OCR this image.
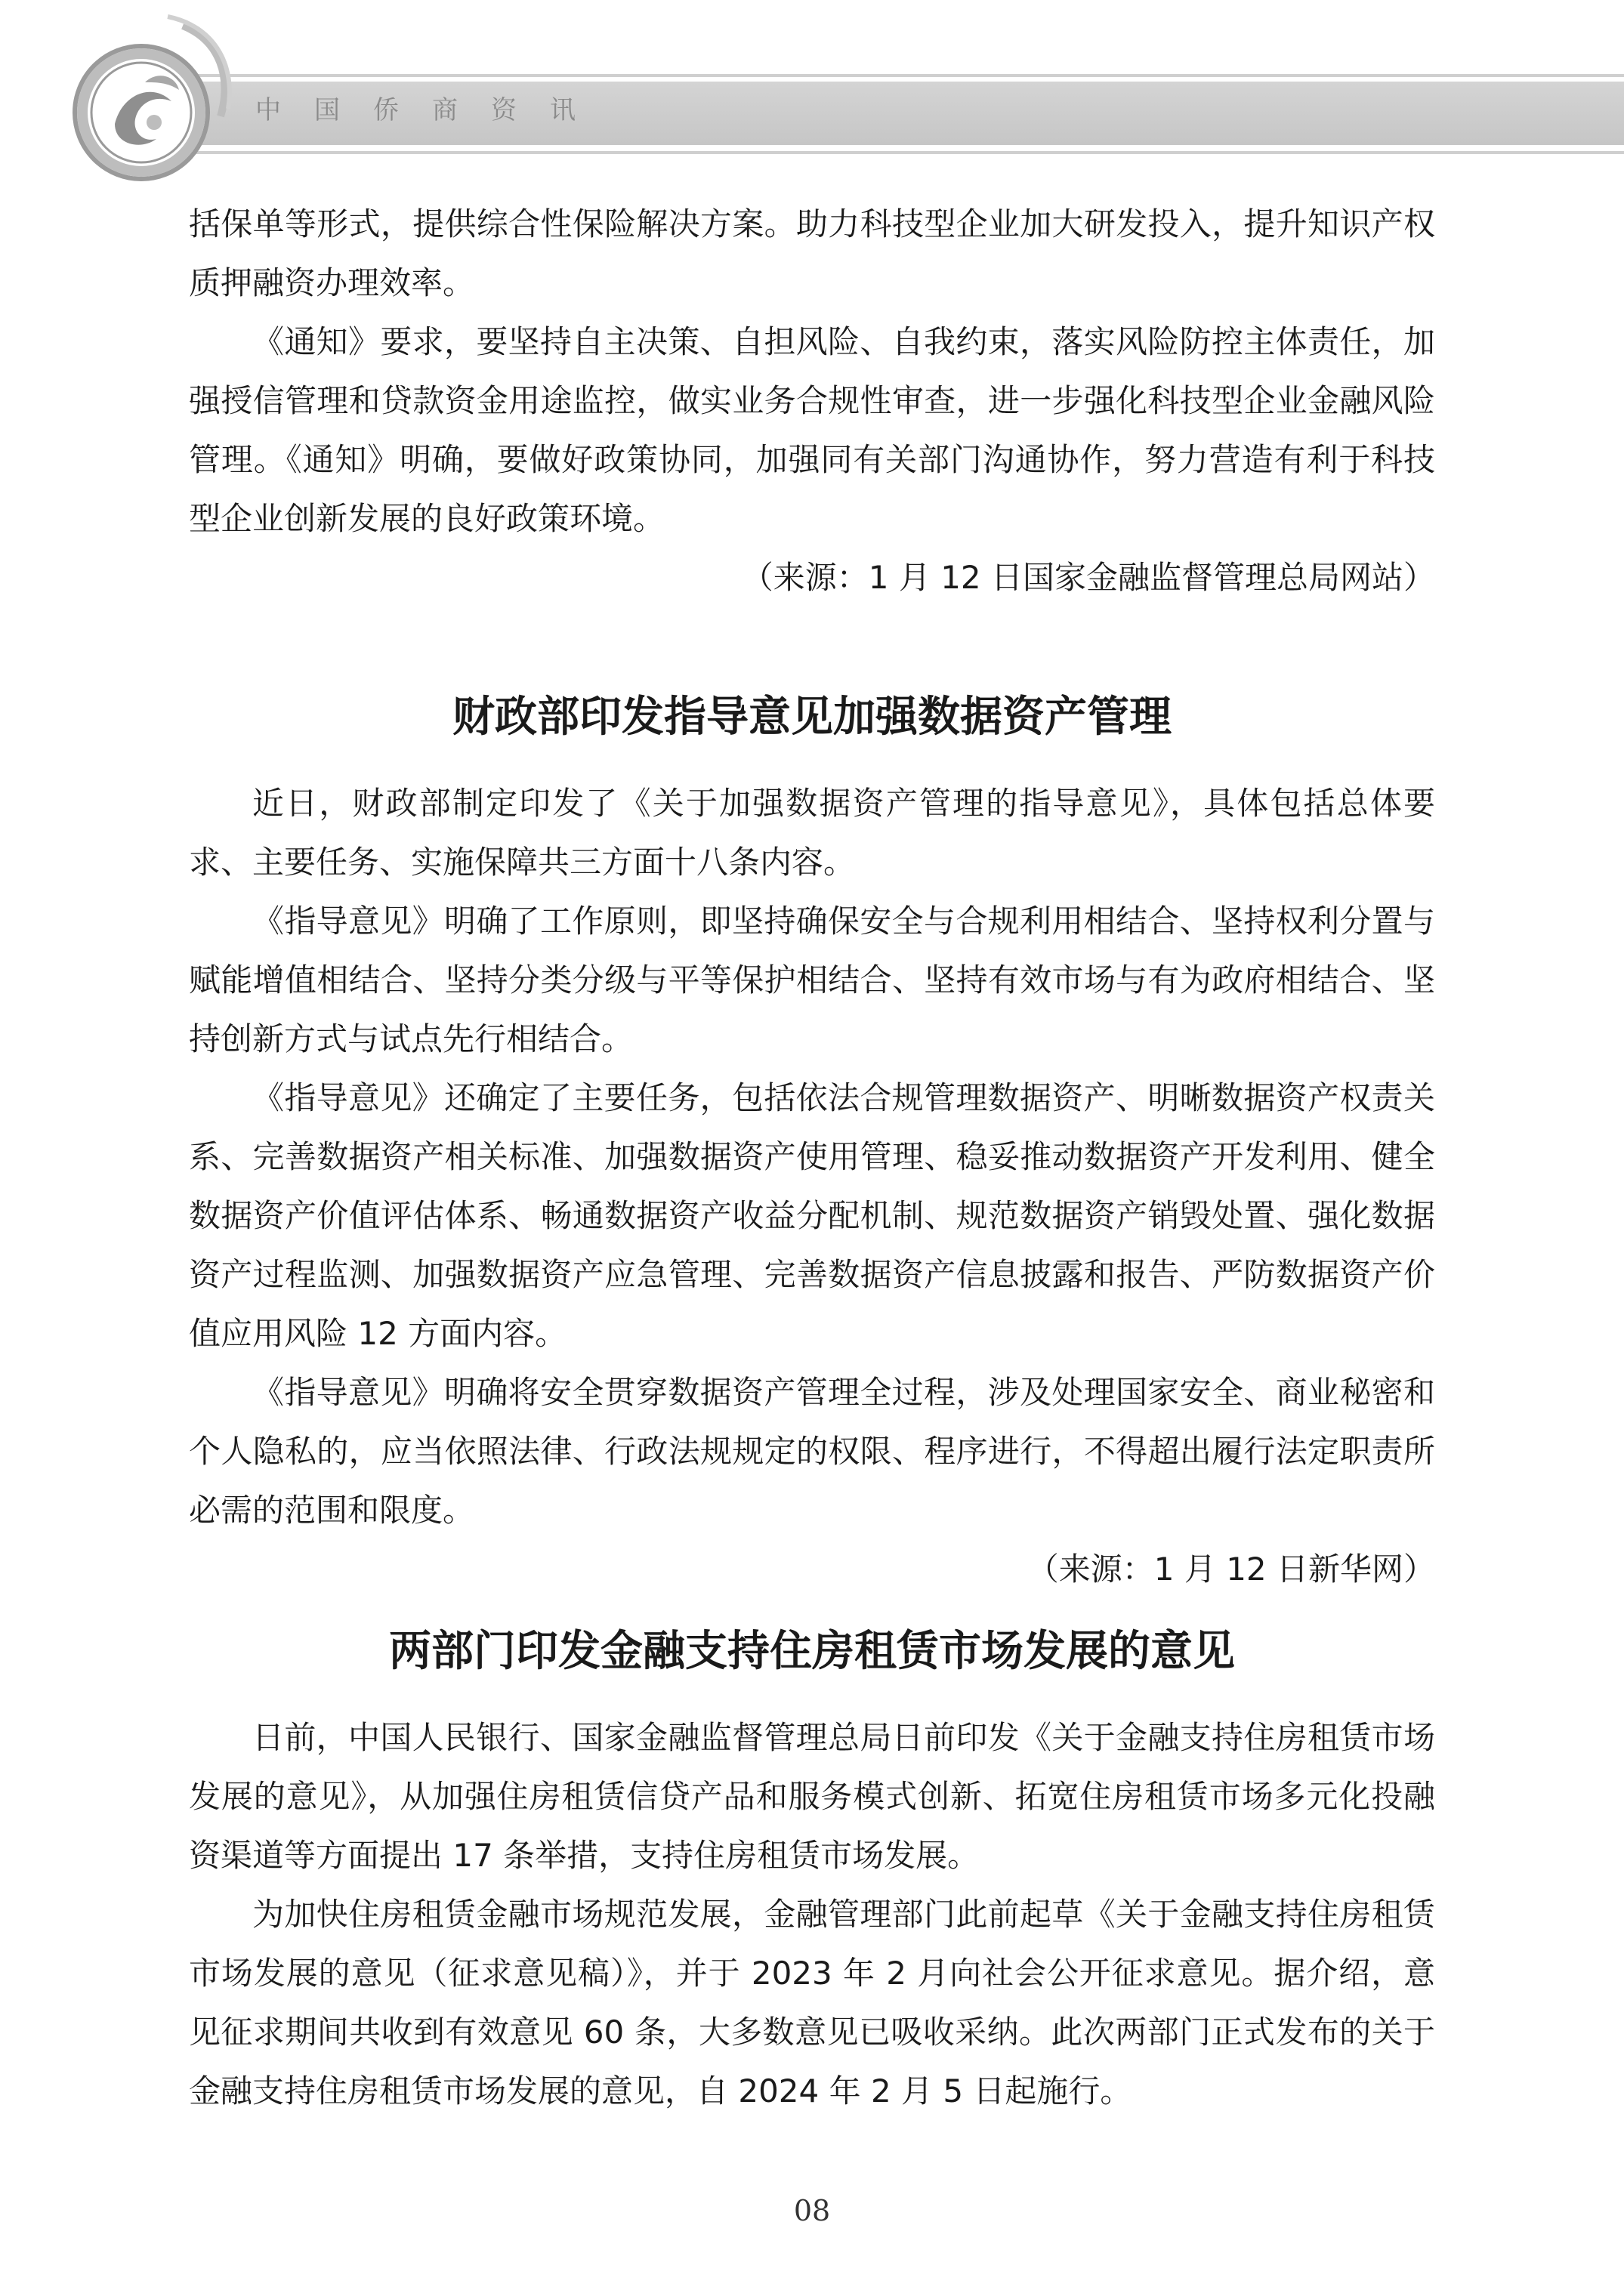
中国侨商资讯

括保单等形式，提供综合性保险解决方案。助力科技型企业加大研发投入，提升知识产权质押融资办理效率。

《通知》要求，要坚持自主决策、自担风险、自我约束，落实风险防控主体责任，加强授信管理和贷款资金用途监控，做实业务合规性审查，进一步强化科技型企业金融风险管理。《通知》明确，要做好政策协同，加强同有关部门沟通协作，努力营造有利于科技型企业创新发展的良好政策环境。

（来源：1 月 12 日国家金融监督管理总局网站）

财政部印发指导意见加强数据资产管理

近日，财政部制定印发了《关于加强数据资产管理的指导意见》，具体包括总体要求、主要任务、实施保障共三方面十八条内容。

《指导意见》明确了工作原则，即坚持确保安全与合规利用相结合、坚持权利分置与赋能增值相结合、坚持分类分级与平等保护相结合、坚持有效市场与有为政府相结合、坚持创新方式与试点先行相结合。

《指导意见》还确定了主要任务，包括依法合规管理数据资产、明晰数据资产权责关系、完善数据资产相关标准、加强数据资产使用管理、稳妥推动数据资产开发利用、健全数据资产价值评估体系、畅通数据资产收益分配机制、规范数据资产销毁处置、强化数据资产过程监测、加强数据资产应急管理、完善数据资产信息披露和报告、严防数据资产价值应用风险 12 方面内容。

《指导意见》明确将安全贯穿数据资产管理全过程，涉及处理国家安全、商业秘密和个人隐私的，应当依照法律、行政法规规定的权限、程序进行，不得超出履行法定职责所必需的范围和限度。

（来源：1 月 12 日新华网）

两部门印发金融支持住房租赁市场发展的意见

日前，中国人民银行、国家金融监督管理总局日前印发《关于金融支持住房租赁市场发展的意见》，从加强住房租赁信贷产品和服务模式创新、拓宽住房租赁市场多元化投融资渠道等方面提出 17 条举措，支持住房租赁市场发展。

为加快住房租赁金融市场规范发展，金融管理部门此前起草《关于金融支持住房租赁市场发展的意见（征求意见稿）》，并于 2023 年 2 月向社会公开征求意见。据介绍，意见征求期间共收到有效意见 60 条，大多数意见已吸收采纳。此次两部门正式发布的关于金融支持住房租赁市场发展的意见，自 2024 年 2 月 5 日起施行。

08
